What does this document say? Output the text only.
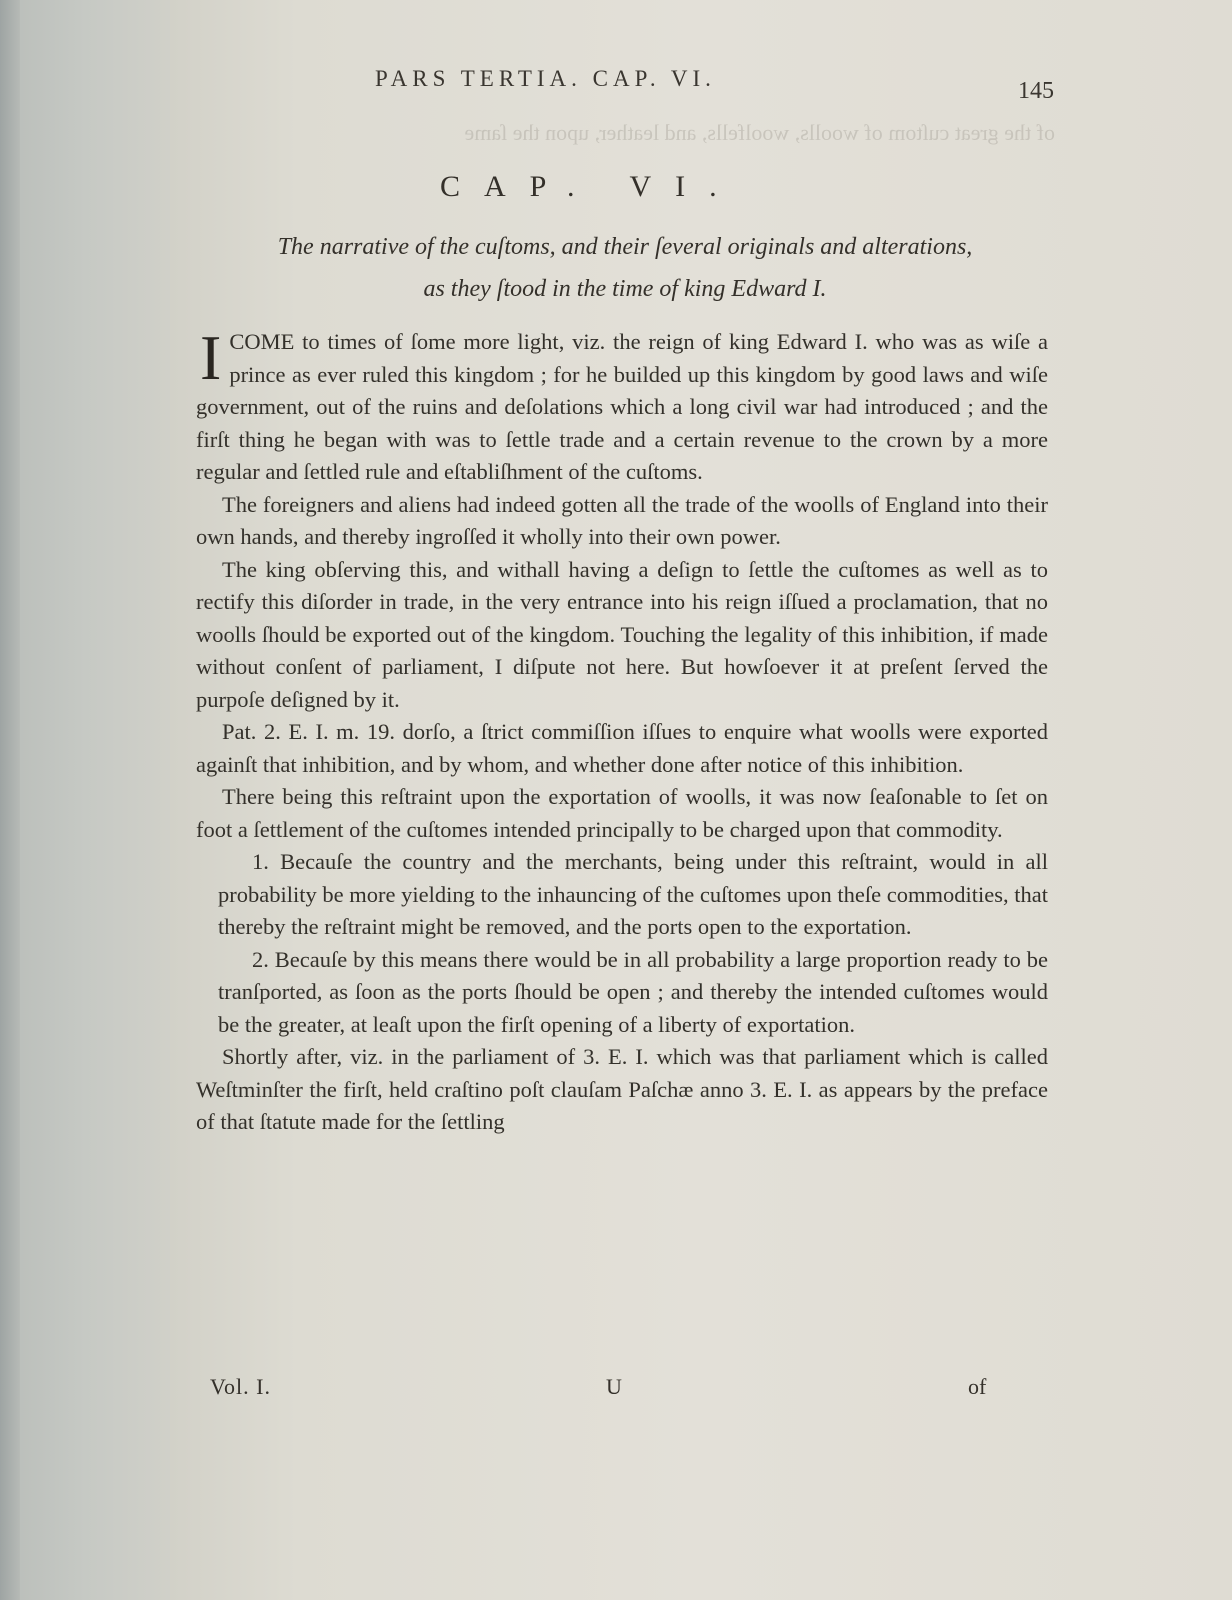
PARS TERTIA. CAP. VI.	145
of the great cuſtom of woolls, woolfells, and leather, upon the ſame
CAP. VI.
The narrative of the cuſtoms, and their ſeveral originals and alterations,
as they ſtood in the time of king Edward I.

ICOME to times of ſome more light, viz. the reign of king Edward I. who was as wiſe a prince as ever ruled this kingdom ; for he builded up this kingdom by good laws and wiſe government, out of the ruins and deſolations which a long civil war had introduced ; and the firſt thing he began with was to ſettle trade and a certain revenue to the crown by a more regular and ſettled rule and eſtabliſhment of the cuſtoms.

The foreigners and aliens had indeed gotten all the trade of the woolls of England into their own hands, and thereby ingroſſed it wholly into their own power.

The king obſerving this, and withall having a deſign to ſettle the cuſtomes as well as to rectify this diſorder in trade, in the very entrance into his reign iſſued a proclamation, that no woolls ſhould be exported out of the kingdom. Touching the legality of this inhibition, if made without conſent of parliament, I diſpute not here. But howſoever it at preſent ſerved the purpoſe deſigned by it.

Pat. 2. E. I. m. 19. dorſo, a ſtrict commiſſion iſſues to enquire what woolls were exported againſt that inhibition, and by whom, and whether done after notice of this inhibition.

There being this reſtraint upon the exportation of woolls, it was now ſeaſonable to ſet on foot a ſettlement of the cuſtomes intended principally to be charged upon that commodity.

1. Becauſe the country and the merchants, being under this reſtraint, would in all probability be more yielding to the inhauncing of the cuſtomes upon theſe commodities, that thereby the reſtraint might be removed, and the ports open to the exportation.

2. Becauſe by this means there would be in all probability a large proportion ready to be tranſported, as ſoon as the ports ſhould be open ; and thereby the intended cuſtomes would be the greater, at leaſt upon the firſt opening of a liberty of exportation.

Shortly after, viz. in the parliament of 3. E. I. which was that parliament which is called Weſtminſter the firſt, held craſtino poſt clauſam Paſchæ anno 3. E. I. as appears by the preface of that ſtatute made for the ſettling

Vol. I.	U	of
